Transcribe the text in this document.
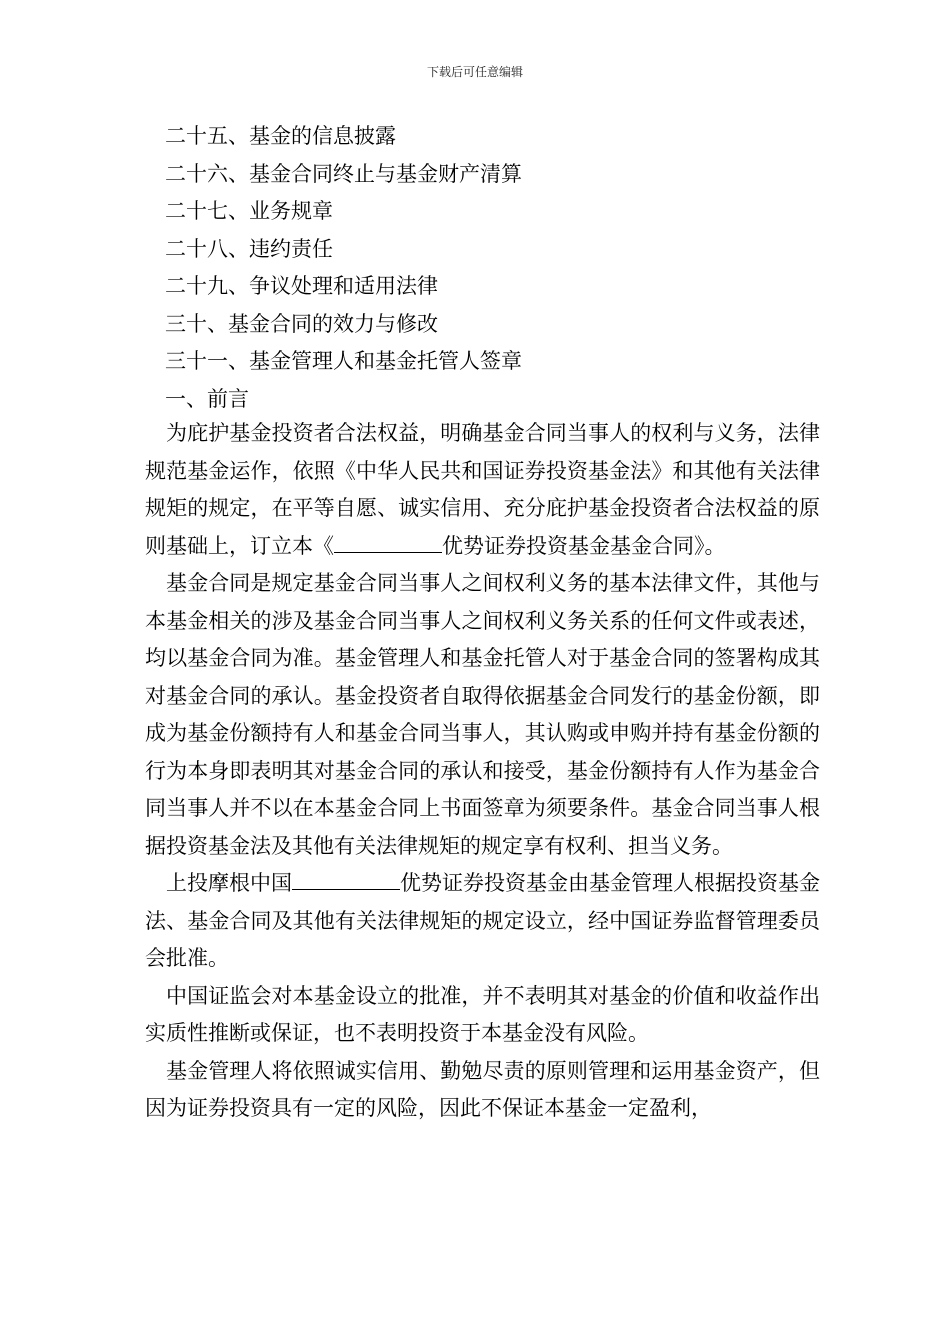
下载后可任意编辑
二十五、基金的信息披露
二十六、基金合同终止与基金财产清算
二十七、业务规章
二十八、违约责任
二十九、争议处理和适用法律
三十、基金合同的效力与修改
三十一、基金管理人和基金托管人签章
一、前言

为庇护基金投资者合法权益，明确基金合同当事人的权利与义务，法律规范基金运作，依照《中华人民共和国证券投资基金法》和其他有关法律规矩的规定，在平等自愿、诚实信用、充分庇护基金投资者合法权益的原则基础上，订立本《	优势证券投资基金基金合同》。

基金合同是规定基金合同当事人之间权利义务的基本法律文件，其他与本基金相关的涉及基金合同当事人之间权利义务关系的任何文件或表述，均以基金合同为准。基金管理人和基金托管人对于基金合同的签署构成其对基金合同的承认。基金投资者自取得依据基金合同发行的基金份额，即成为基金份额持有人和基金合同当事人，其认购或申购并持有基金份额的行为本身即表明其对基金合同的承认和接受，基金份额持有人作为基金合同当事人并不以在本基金合同上书面签章为须要条件。基金合同当事人根据投资基金法及其他有关法律规矩的规定享有权利、担当义务。

上投摩根中国	优势证券投资基金由基金管理人根据投资基金法、基金合同及其他有关法律规矩的规定设立，经中国证券监督管理委员会批准。

中国证监会对本基金设立的批准，并不表明其对基金的价值和收益作出实质性推断或保证，也不表明投资于本基金没有风险。

基金管理人将依照诚实信用、勤勉尽责的原则管理和运用基金资产，但因为证券投资具有一定的风险，因此不保证本基金一定盈利，
